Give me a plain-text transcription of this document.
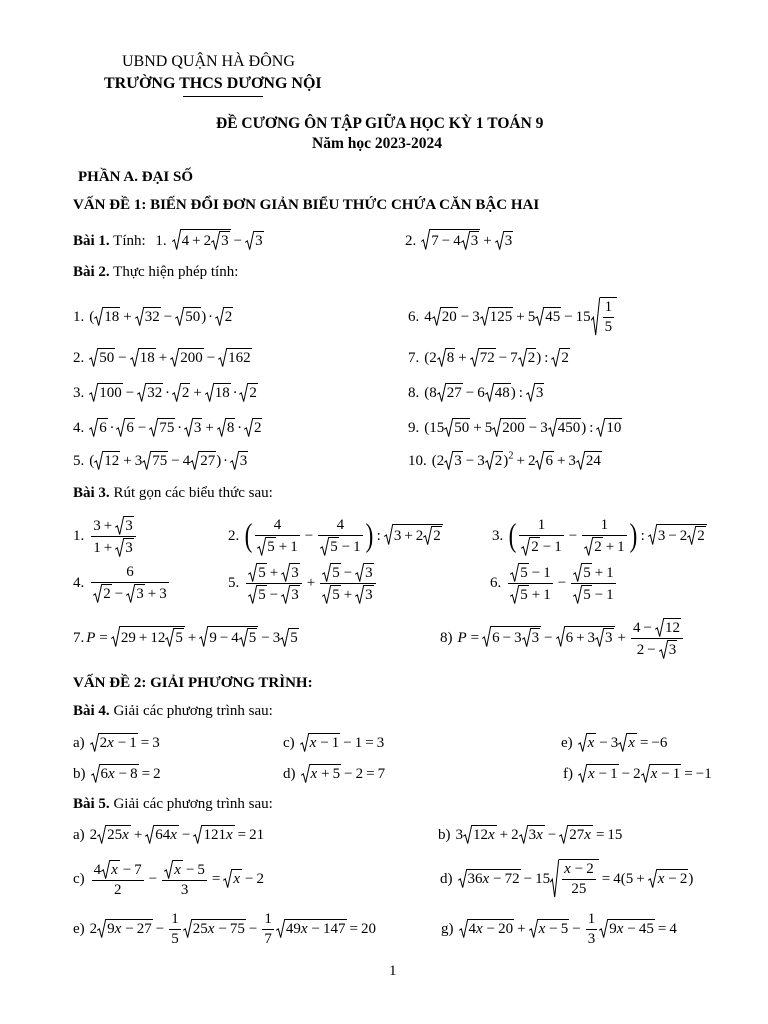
UBND QUẬN HÀ ĐÔNG
TRƯỜNG THCS DƯƠNG NỘI
ĐỀ CƯƠNG ÔN TẬP GIỮA HỌC KỲ 1 TOÁN 9
Năm học 2023-2024
PHẦN A. ĐẠI SỐ
VẤN ĐỀ 1: BIẾN ĐỔI ĐƠN GIẢN BIỂU THỨC CHỨA CĂN BẬC HAI
Bài 1. Tính: 1. 4 + 2 3 − 3	2. 7 − 4 3 + 3
Bài 2. Thực hiện phép tính:
1. ( 18 + 32 − 50 ) · 2	6. 4 20 − 3 125 + 5 $45 - 15 \frac{1}{5}$
2. 50 − 18 + 200 − 162	7. (2 8 + 72 − 7 2 ) : 2
3. 100 − 32 · 2 + 18 · 2	8. (8 27 − 6 48 ) : 3
4. 6 · 6 − 75 · 3 + 8 · 2	9. (15 50 + 5 200 − 3 450 ) : 10
5. ( 12 + 3 75 − 4 27 ) · 3	10. (2 3 − 3 2 )$^2$ + 2 6 + 3 24
Bài 3. Rút gọn các biểu thức sau:
1. $\frac{3 + 3}{1 + 3}$	2. ( $\frac{4}{5 + 1} - \frac{4}{5 - 1}$ ) : 3 + 2 2	3. ( $\frac{1}{2 - 1} - \frac{1}{2 + 1}$ ) : 3 − 2 2
4. $\frac{6}{2 - 3 + 3}$	5. $\frac{5 + 3}{5 - 3} + \frac{5 - 3}{5 + 3}$	6. $\frac{5 - 1}{5 + 1} - \frac{5 + 1}{5 - 1}$
7. P = 29 + 12 5 + 9 − 4 5 − 3 5	8) P = 6 − 3 3 − 6 + 3 $3 + \frac{4 - 12}{2 - 3}$
VẤN ĐỀ 2: GIẢI PHƯƠNG TRÌNH:
Bài 4. Giải các phương trình sau:
a) 2x − 1 = 3	c) x − 1 − 1 = 3	e) x − 3 x = −6
b) 6x − 8 = 2	d) x + 5 − 2 = 7	f) x − 1 − 2 x − 1 = −1
Bài 5. Giải các phương trình sau:
a) 2 25x + 64x − 121x = 21	b) 3 12x + 2 3x − 27x = 15
$c) \frac{4 x - 7}{2} - \frac{x - 5}{3} = x - 2$	d) $36x - 72 - 15 \frac{x - 2}{25} = 4(5 + x - 2$ )
e) 2 $9x - 27 - \frac{1}{5} 25x - 75 - \frac{1}{7} 49x - 147 = 20$	g) $4x - 20 + x - 5 - \frac{1}{3} 9x - 45 = 4$
1
